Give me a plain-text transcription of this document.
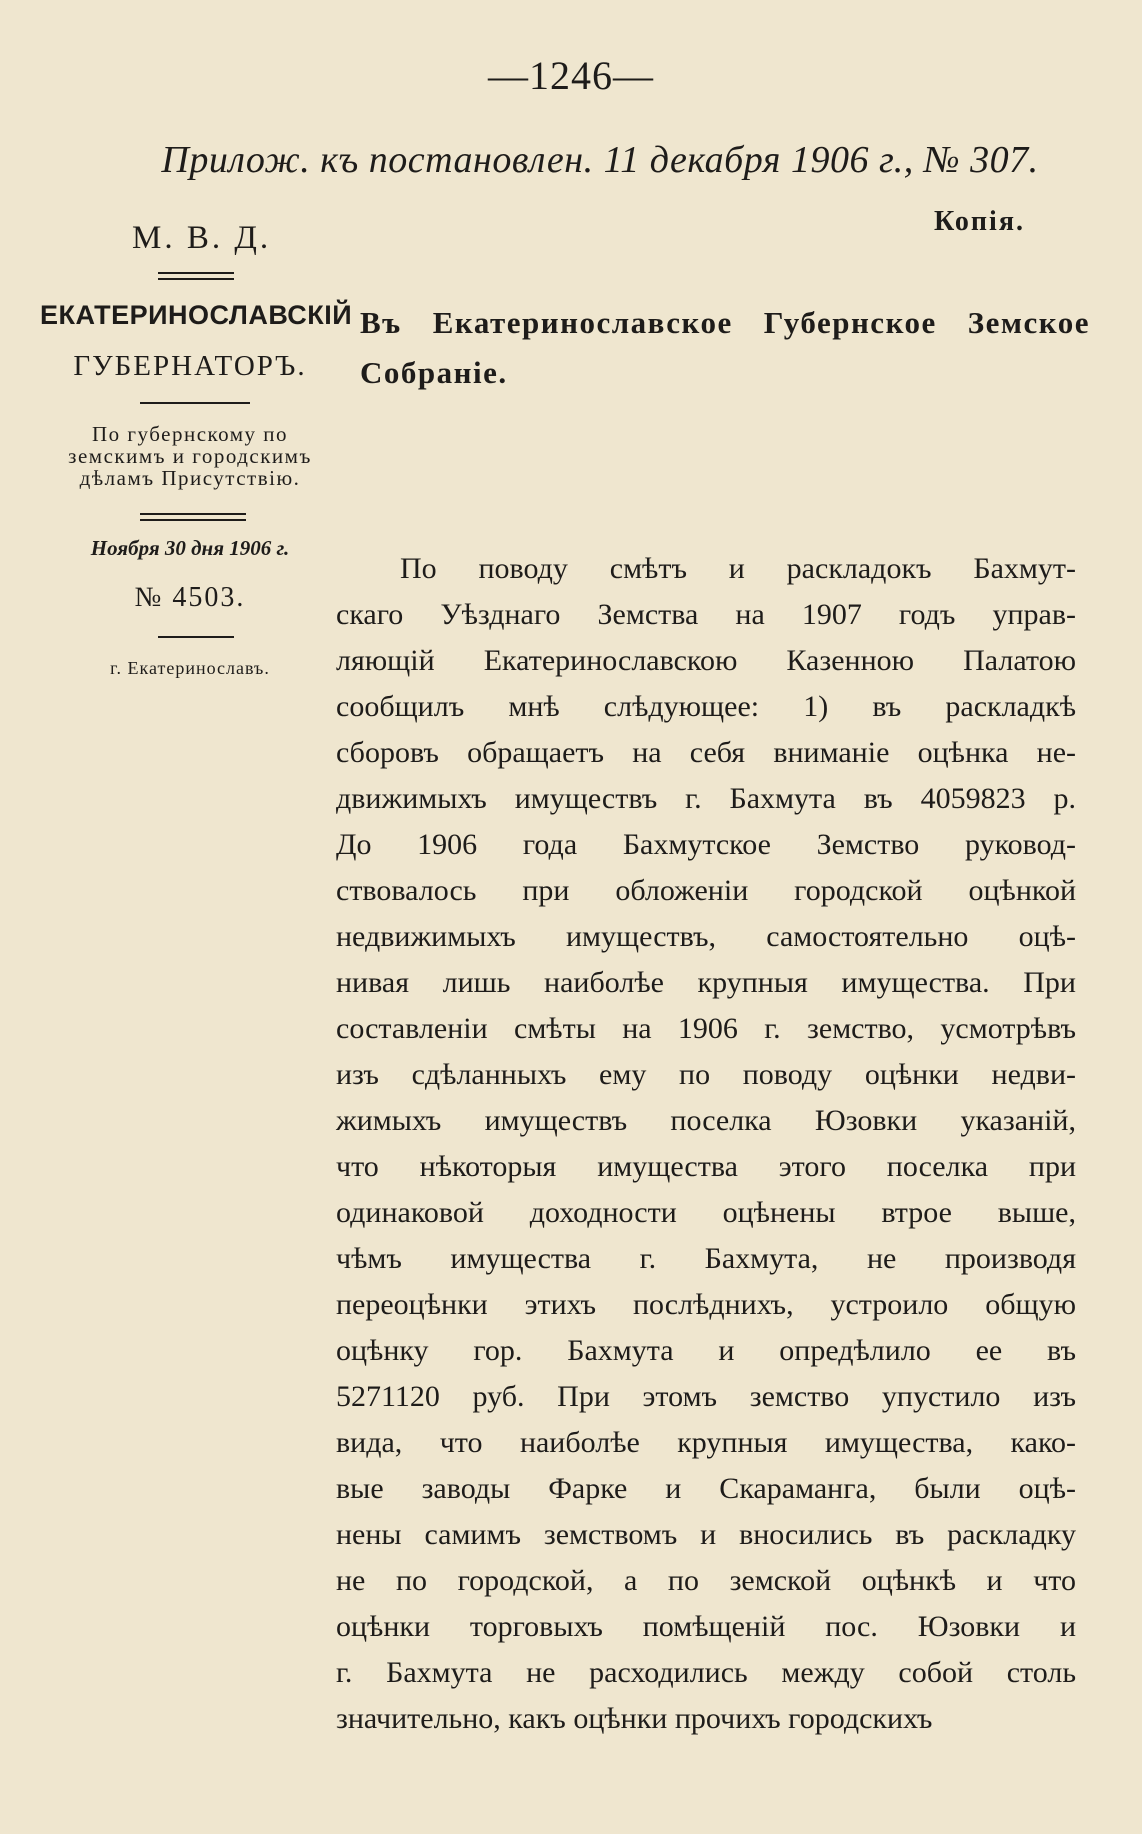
—1246—
Прилож. къ постановлен. 11 декабря 1906 г., № 307.
М. В. Д.	Копія.
ЕКАТЕРИНОСЛАВСКІЙ
ГУБЕРНАТОРЪ.
По губернскому по
земскимъ и городскимъ
дѣламъ Присутствію.
Ноября 30 дня 1906 г.
№ 4503.
г. Екатеринославъ.
Въ Екатеринославское Губернское Земское Собраніе.
По поводу смѣтъ и раскладокъ Бахмут-
скаго Уѣзднаго Земства на 1907 годъ управ-
ляющій Екатеринославскою Казенною Палатою
сообщилъ мнѣ слѣдующее: 1) въ раскладкѣ
сборовъ обращаетъ на себя вниманіе оцѣнка не-
движимыхъ имуществъ г. Бахмута въ 4059823 р.
До 1906 года Бахмутское Земство руковод-
ствовалось при обложеніи городской оцѣнкой
недвижимыхъ имуществъ, самостоятельно оцѣ-
нивая лишь наиболѣе крупныя имущества. При
составленіи смѣты на 1906 г. земство, усмотрѣвъ
изъ сдѣланныхъ ему по поводу оцѣнки недви-
жимыхъ имуществъ поселка Юзовки указаній,
что нѣкоторыя имущества этого поселка при
одинаковой доходности оцѣнены втрое выше,
чѣмъ имущества г. Бахмута, не производя
переоцѣнки этихъ послѣднихъ, устроило общую
оцѣнку гор. Бахмута и опредѣлило ее въ
5271120 руб. При этомъ земство упустило изъ
вида, что наиболѣе крупныя имущества, како-
вые заводы Фарке и Скараманга, были оцѣ-
нены самимъ земствомъ и вносились въ раскладку
не по городской, а по земской оцѣнкѣ и что
оцѣнки торговыхъ помѣщеній пос. Юзовки и
г. Бахмута не расходились между собой столь
значительно, какъ оцѣнки прочихъ городскихъ
